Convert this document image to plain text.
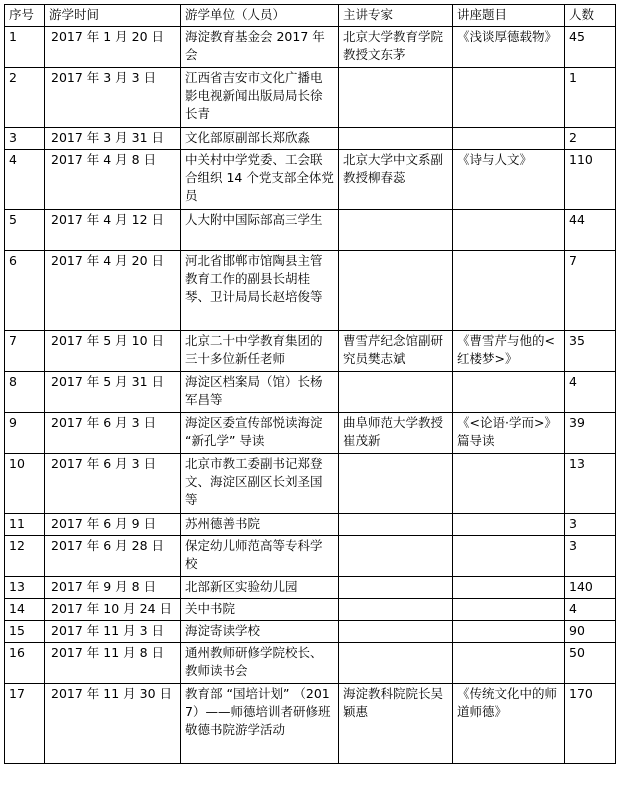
序号	游学时间	游学单位（人员）	主讲专家	讲座题目	人数
1	2017 年 1 月 20 日	海淀教育基金会 2017 年会	北京大学教育学院教授文东茅	《浅谈厚德载物》	45
2	2017 年 3 月 3 日	江西省吉安市文化广播电影电视新闻出版局局长徐长青			1
3	2017 年 3 月 31 日	文化部原副部长郑欣淼			2
4	2017 年 4 月 8 日	中关村中学党委、工会联合组织 14 个党支部全体党员	北京大学中文系副教授柳春蕊	《诗与人文》	110
5	2017 年 4 月 12 日	人大附中国际部高三学生			44
6	2017 年 4 月 20 日	河北省邯郸市馆陶县主管教育工作的副县长胡桂琴、卫计局局长赵培俊等			7
7	2017 年 5 月 10 日	北京二十中学教育集团的三十多位新任老师	曹雪芹纪念馆副研究员樊志斌	《曹雪芹与他的<红楼梦>》	35
8	2017 年 5 月 31 日	海淀区档案局（馆）长杨军昌等			4
9	2017 年 6 月 3 日	海淀区委宣传部悦读海淀 “新孔学” 导读	曲阜师范大学教授崔茂新	《<论语·学而>》篇导读	39
10	2017 年 6 月 3 日	北京市教工委副书记郑登文、海淀区副区长刘圣国等			13
11	2017 年 6 月 9 日	苏州德善书院			3
12	2017 年 6 月 28 日	保定幼儿师范高等专科学校			3
13	2017 年 9 月 8 日	北部新区实验幼儿园			140
14	2017 年 10 月 24 日	关中书院			4
15	2017 年 11 月 3 日	海淀寄读学校			90
16	2017 年 11 月 8 日	通州教师研修学院校长、教师读书会			50
17	2017 年 11 月 30 日	教育部 “国培计划” （2017）——师德培训者研修班敬德书院游学活动	海淀教科院院长吴颖惠	《传统文化中的师道师德》	170
